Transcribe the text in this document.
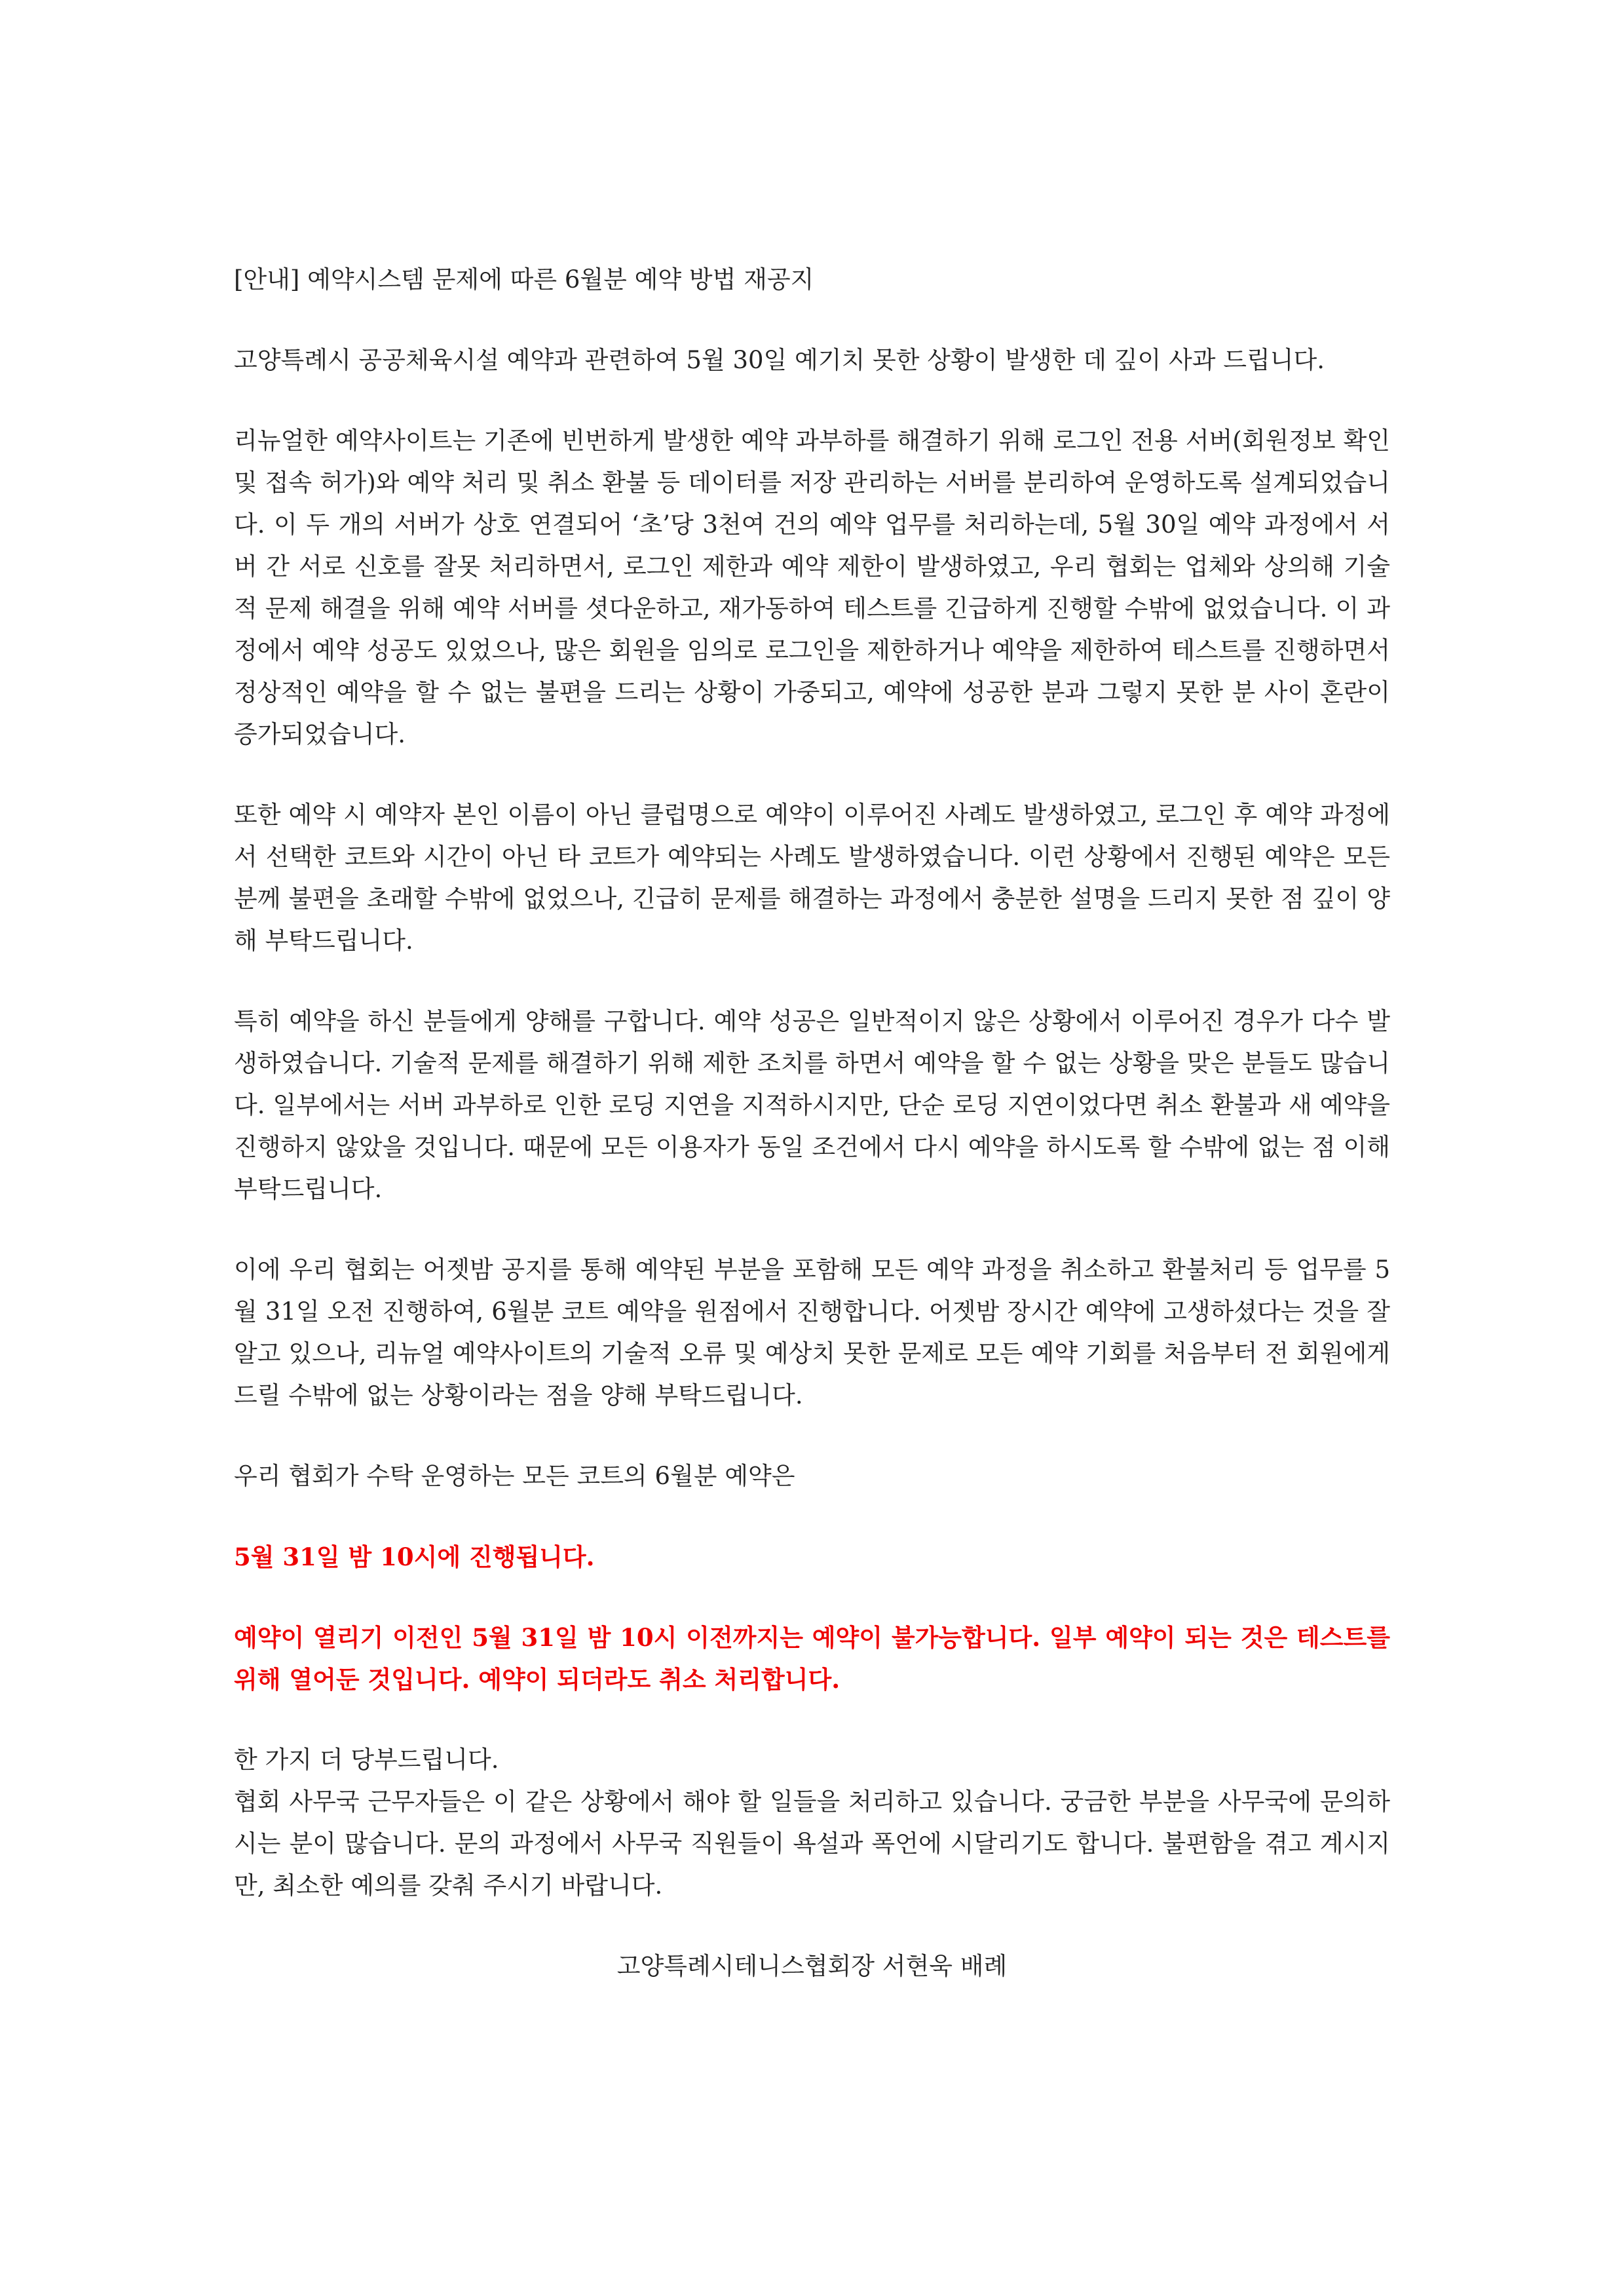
[안내] 예약시스템 문제에 따른 6월분 예약 방법 재공지

고양특례시 공공체육시설 예약과 관련하여 5월 30일 예기치 못한 상황이 발생한 데 깊이 사과 드립니다.

리뉴얼한 예약사이트는 기존에 빈번하게 발생한 예약 과부하를 해결하기 위해 로그인 전용 서버(회원정보 확인 및 접속 허가)와 예약 처리 및 취소 환불 등 데이터를 저장 관리하는 서버를 분리하여 운영하도록 설계되었습니다. 이 두 개의 서버가 상호 연결되어 ‘초’당 3천여 건의 예약 업무를 처리하는데, 5월 30일 예약 과정에서 서버 간 서로 신호를 잘못 처리하면서, 로그인 제한과 예약 제한이 발생하였고, 우리 협회는 업체와 상의해 기술적 문제 해결을 위해 예약 서버를 셧다운하고, 재가동하여 테스트를 긴급하게 진행할 수밖에 없었습니다. 이 과정에서 예약 성공도 있었으나, 많은 회원을 임의로 로그인을 제한하거나 예약을 제한하여 테스트를 진행하면서 정상적인 예약을 할 수 없는 불편을 드리는 상황이 가중되고, 예약에 성공한 분과 그렇지 못한 분 사이 혼란이 증가되었습니다.

또한 예약 시 예약자 본인 이름이 아닌 클럽명으로 예약이 이루어진 사례도 발생하였고, 로그인 후 예약 과정에서 선택한 코트와 시간이 아닌 타 코트가 예약되는 사례도 발생하였습니다. 이런 상황에서 진행된 예약은 모든 분께 불편을 초래할 수밖에 없었으나, 긴급히 문제를 해결하는 과정에서 충분한 설명을 드리지 못한 점 깊이 양해 부탁드립니다.

특히 예약을 하신 분들에게 양해를 구합니다. 예약 성공은 일반적이지 않은 상황에서 이루어진 경우가 다수 발생하였습니다. 기술적 문제를 해결하기 위해 제한 조치를 하면서 예약을 할 수 없는 상황을 맞은 분들도 많습니다. 일부에서는 서버 과부하로 인한 로딩 지연을 지적하시지만, 단순 로딩 지연이었다면 취소 환불과 새 예약을 진행하지 않았을 것입니다. 때문에 모든 이용자가 동일 조건에서 다시 예약을 하시도록 할 수밖에 없는 점 이해 부탁드립니다.

이에 우리 협회는 어젯밤 공지를 통해 예약된 부분을 포함해 모든 예약 과정을 취소하고 환불처리 등 업무를 5월 31일 오전 진행하여, 6월분 코트 예약을 원점에서 진행합니다. 어젯밤 장시간 예약에 고생하셨다는 것을 잘 알고 있으나, 리뉴얼 예약사이트의 기술적 오류 및 예상치 못한 문제로 모든 예약 기회를 처음부터 전 회원에게 드릴 수밖에 없는 상황이라는 점을 양해 부탁드립니다.

우리 협회가 수탁 운영하는 모든 코트의 6월분 예약은

5월 31일 밤 10시에 진행됩니다.

예약이 열리기 이전인 5월 31일 밤 10시 이전까지는 예약이 불가능합니다. 일부 예약이 되는 것은 테스트를 위해 열어둔 것입니다. 예약이 되더라도 취소 처리합니다.

한 가지 더 당부드립니다.

협회 사무국 근무자들은 이 같은 상황에서 해야 할 일들을 처리하고 있습니다. 궁금한 부분을 사무국에 문의하시는 분이 많습니다. 문의 과정에서 사무국 직원들이 욕설과 폭언에 시달리기도 합니다. 불편함을 겪고 계시지만, 최소한 예의를 갖춰 주시기 바랍니다.

고양특례시테니스협회장 서현욱 배례
